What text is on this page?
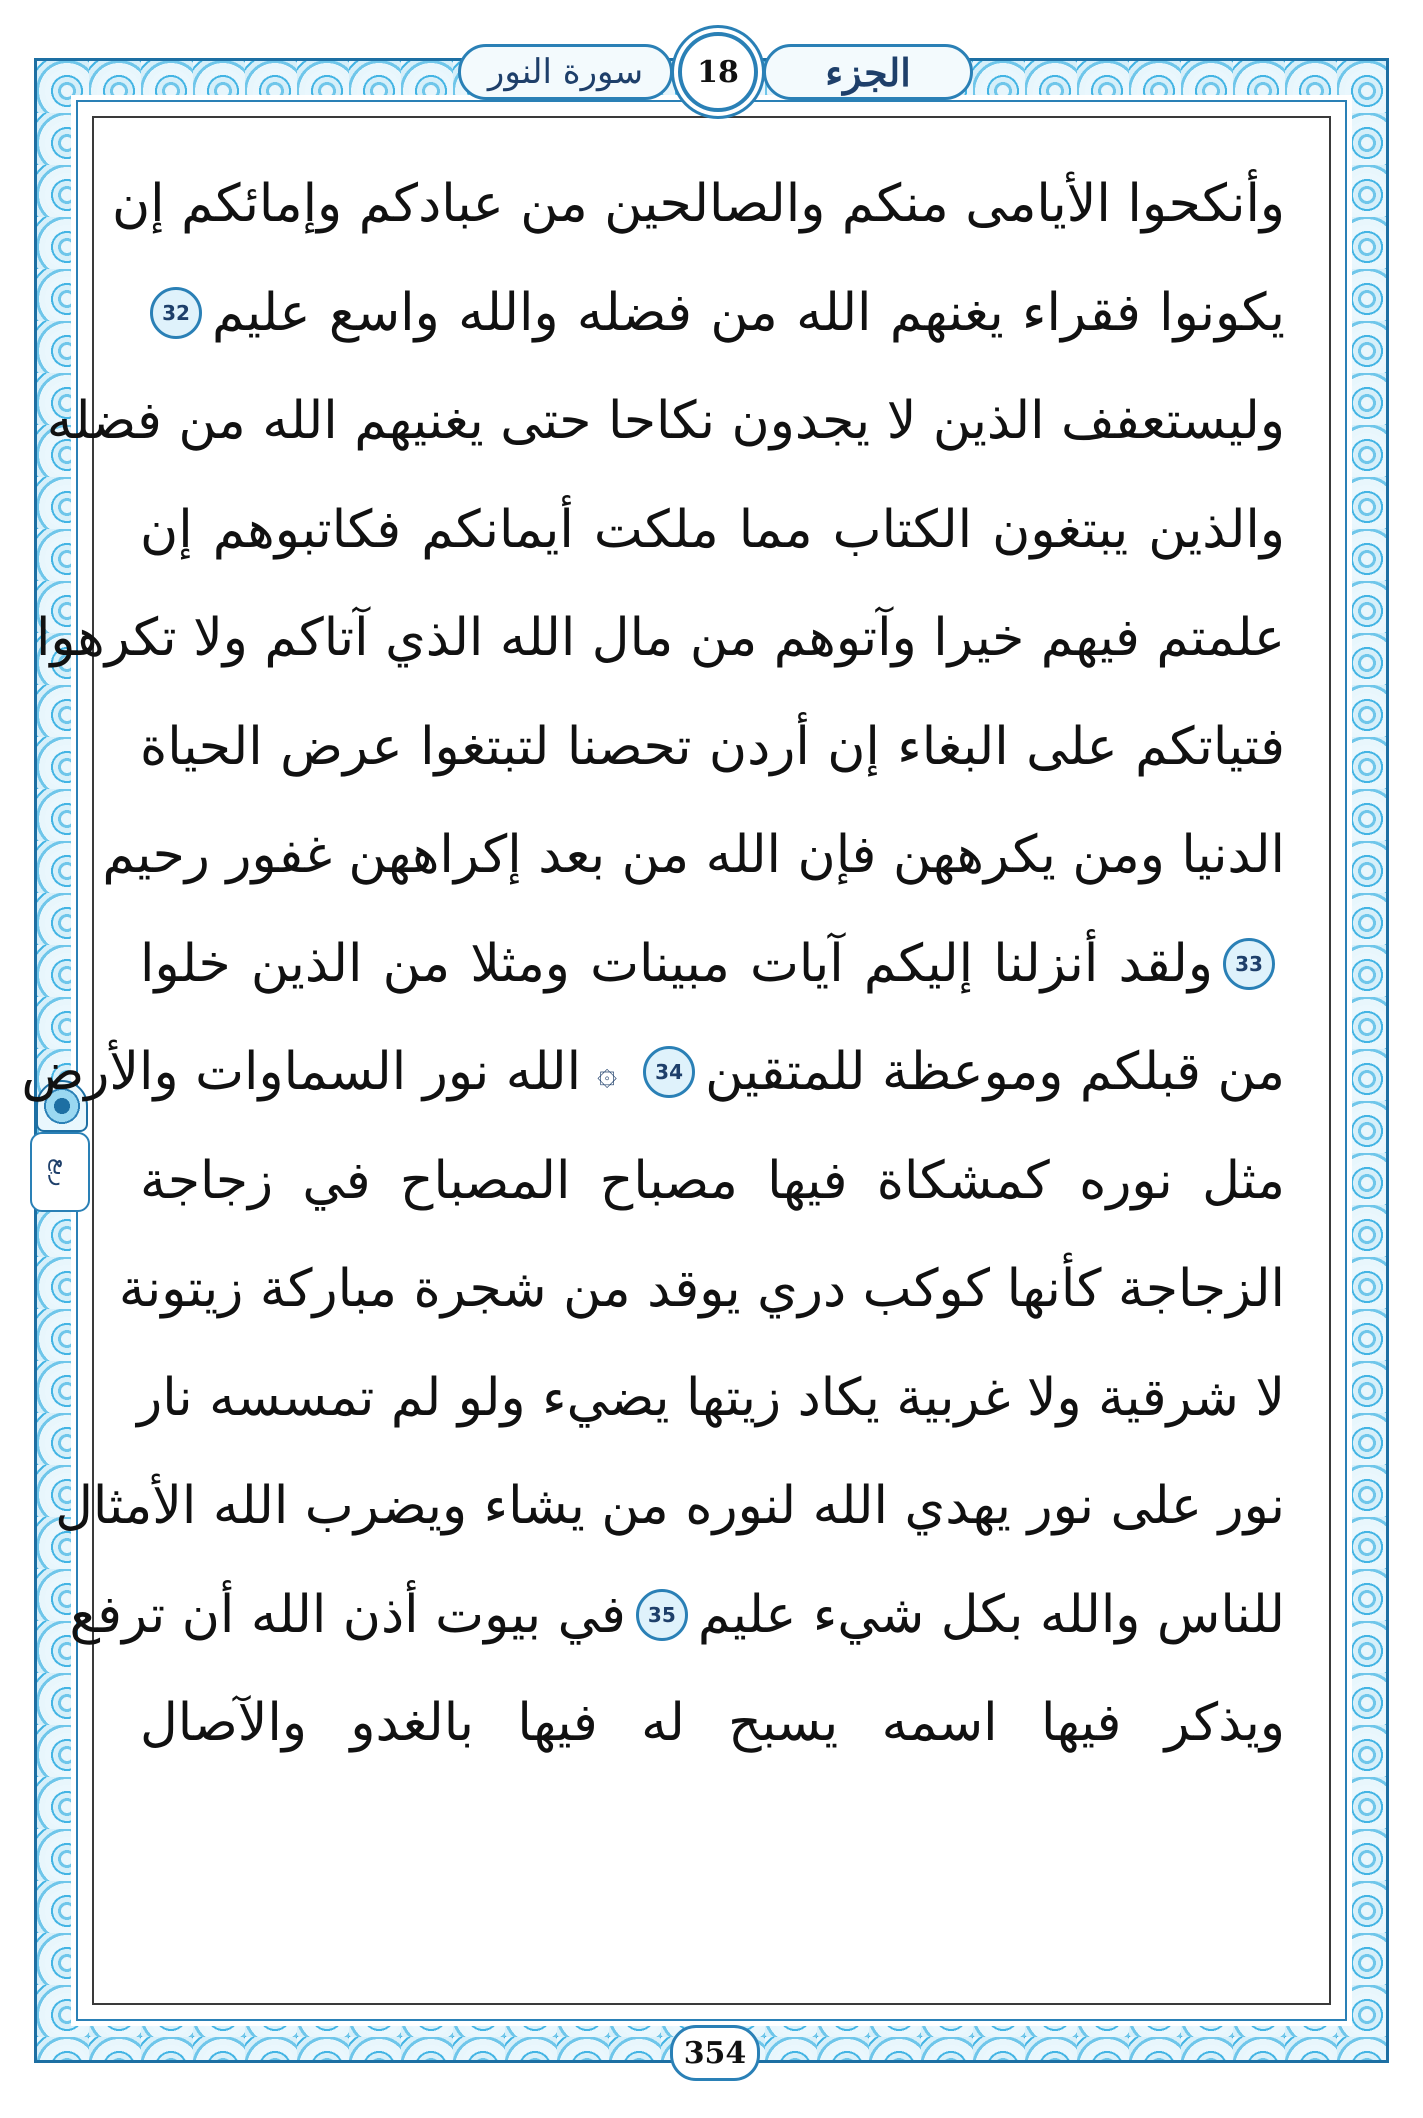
سورة النور	18	الجزء
ربع
وأنكحوا الأيامى منكم والصالحين من عبادكم وإمائكم إن
يكونوا فقراء يغنهم الله من فضله والله واسع عليم
32
وليستعفف الذين لا يجدون نكاحا حتى يغنيهم الله من فضله
والذين يبتغون الكتاب مما ملكت أيمانكم فكاتبوهم إن
علمتم فيهم خيرا وآتوهم من مال الله الذي آتاكم ولا تكرهوا
فتياتكم على البغاء إن أردن تحصنا لتبتغوا عرض الحياة
الدنيا ومن يكرههن فإن الله من بعد إكراههن غفور رحيم
33
ولقد أنزلنا إليكم آيات مبينات ومثلا من الذين خلوا
من قبلكم وموعظة للمتقين
34
۞
الله نور السماوات والأرض
مثل نوره كمشكاة فيها مصباح المصباح في زجاجة
الزجاجة كأنها كوكب دري يوقد من شجرة مباركة زيتونة
لا شرقية ولا غربية يكاد زيتها يضيء ولو لم تمسسه نار
نور على نور يهدي الله لنوره من يشاء ويضرب الله الأمثال
للناس والله بكل شيء عليم
35
في بيوت أذن الله أن ترفع
ويذكر فيها اسمه يسبح له فيها بالغدو والآصال
354
